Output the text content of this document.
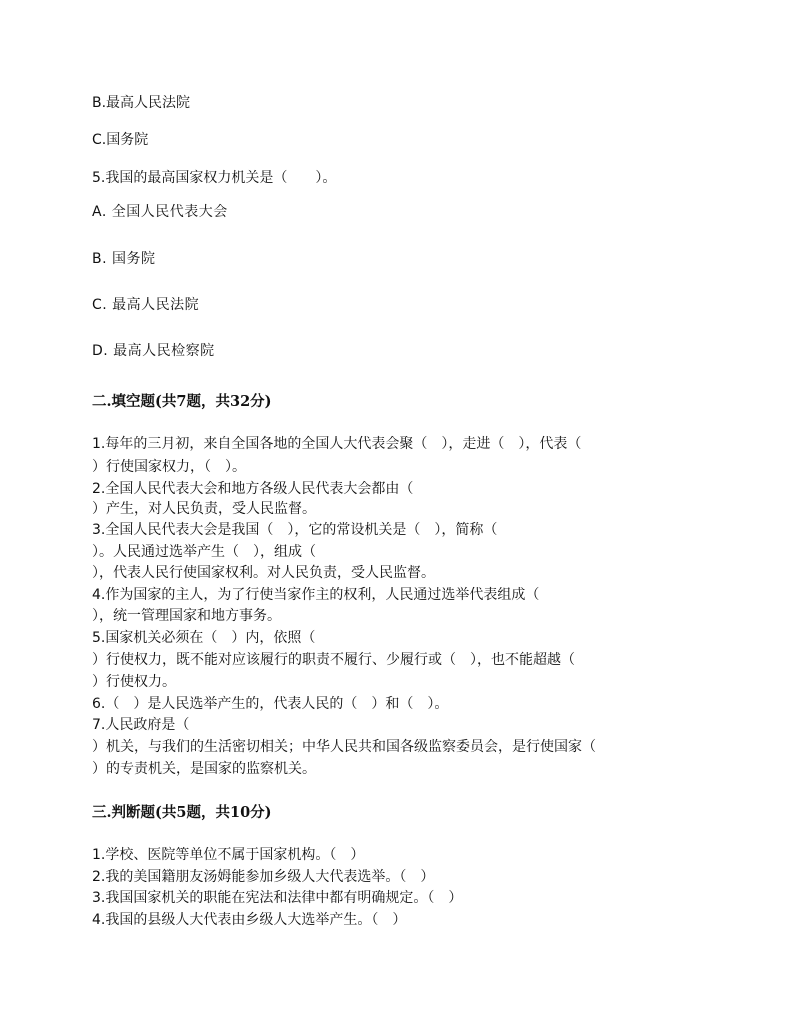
B.最高人民法院
C.国务院
5.我国的最高国家权力机关是（　　）。
A. 全国人民代表大会
B. 国务院
C. 最高人民法院
D. 最高人民检察院
二.填空题(共7题，共32分)
1.每年的三月初，来自全国各地的全国人大代表会聚（　），走进（　），代表（
）行使国家权力，（　）。
2.全国人民代表大会和地方各级人民代表大会都由（
）产生，对人民负责，受人民监督。
3.全国人民代表大会是我国（　），它的常设机关是（　），简称（
）。人民通过选举产生（　），组成（
），代表人民行使国家权利。对人民负责，受人民监督。
4.作为国家的主人，为了行使当家作主的权利，人民通过选举代表组成（
），统一管理国家和地方事务。
5.国家机关必须在（　）内，依照（
）行使权力，既不能对应该履行的职责不履行、少履行或（　），也不能超越（
）行使权力。
6.（　）是人民选举产生的，代表人民的（　）和（　）。
7.人民政府是（
）机关，与我们的生活密切相关；中华人民共和国各级监察委员会，是行使国家（
）的专责机关，是国家的监察机关。
三.判断题(共5题，共10分)
1.学校、医院等单位不属于国家机构。（　）
2.我的美国籍朋友汤姆能参加乡级人大代表选举。（　）
3.我国国家机关的职能在宪法和法律中都有明确规定。（　）
4.我国的县级人大代表由乡级人大选举产生。（　）
